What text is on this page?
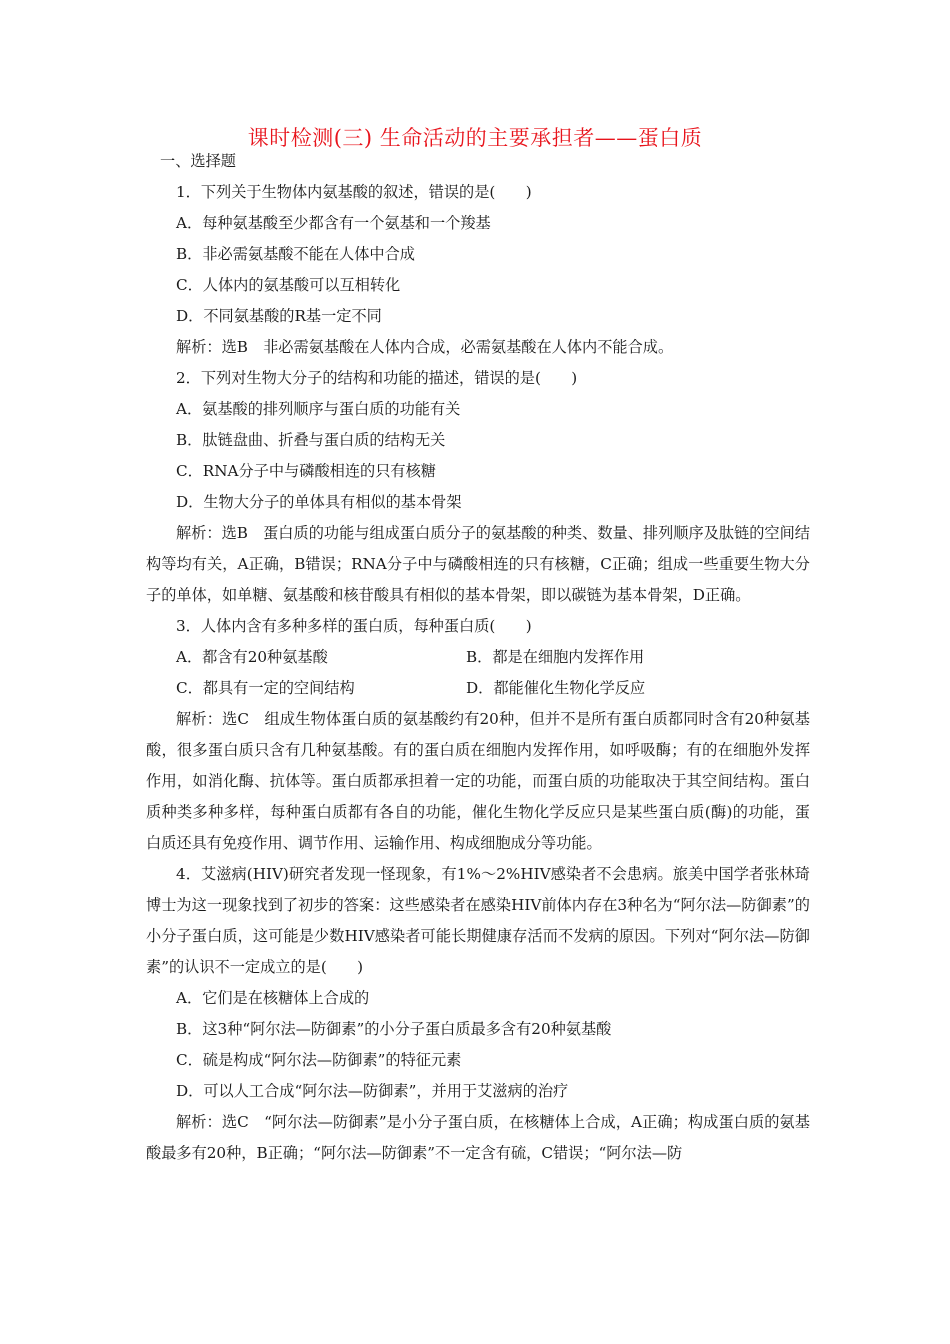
课时检测(三) 生命活动的主要承担者——蛋白质

一、选择题

1．下列关于生物体内氨基酸的叙述，错误的是(　　)

A．每种氨基酸至少都含有一个氨基和一个羧基

B．非必需氨基酸不能在人体中合成

C．人体内的氨基酸可以互相转化

D．不同氨基酸的R基一定不同

解析：选B　非必需氨基酸在人体内合成，必需氨基酸在人体内不能合成。

2．下列对生物大分子的结构和功能的描述，错误的是(　　)

A．氨基酸的排列顺序与蛋白质的功能有关

B．肽链盘曲、折叠与蛋白质的结构无关

C．RNA分子中与磷酸相连的只有核糖

D．生物大分子的单体具有相似的基本骨架

解析：选B　蛋白质的功能与组成蛋白质分子的氨基酸的种类、数量、排列顺序及肽链的空间结构等均有关，A正确，B错误；RNA分子中与磷酸相连的只有核糖，C正确；组成一些重要生物大分子的单体，如单糖、氨基酸和核苷酸具有相似的基本骨架，即以碳链为基本骨架，D正确。

3．人体内含有多种多样的蛋白质，每种蛋白质(　　)

A．都含有20种氨基酸	B．都是在细胞内发挥作用
C．都具有一定的空间结构	D．都能催化生物化学反应

解析：选C　组成生物体蛋白质的氨基酸约有20种，但并不是所有蛋白质都同时含有20种氨基酸，很多蛋白质只含有几种氨基酸。有的蛋白质在细胞内发挥作用，如呼吸酶；有的在细胞外发挥作用，如消化酶、抗体等。蛋白质都承担着一定的功能，而蛋白质的功能取决于其空间结构。蛋白质种类多种多样，每种蛋白质都有各自的功能，催化生物化学反应只是某些蛋白质(酶)的功能，蛋白质还具有免疫作用、调节作用、运输作用、构成细胞成分等功能。

4．艾滋病(HIV)研究者发现一怪现象，有1%～2%HIV感染者不会患病。旅美中国学者张林琦博士为这一现象找到了初步的答案：这些感染者在感染HIV前体内存在3种名为“阿尔法—防御素”的小分子蛋白质，这可能是少数HIV感染者可能长期健康存活而不发病的原因。下列对“阿尔法—防御素”的认识不一定成立的是(　　)

A．它们是在核糖体上合成的

B．这3种“阿尔法—防御素”的小分子蛋白质最多含有20种氨基酸

C．硫是构成“阿尔法—防御素”的特征元素

D．可以人工合成“阿尔法—防御素”，并用于艾滋病的治疗

解析：选C　“阿尔法—防御素”是小分子蛋白质，在核糖体上合成，A正确；构成蛋白质的氨基酸最多有20种，B正确；“阿尔法—防御素”不一定含有硫，C错误；“阿尔法—防
